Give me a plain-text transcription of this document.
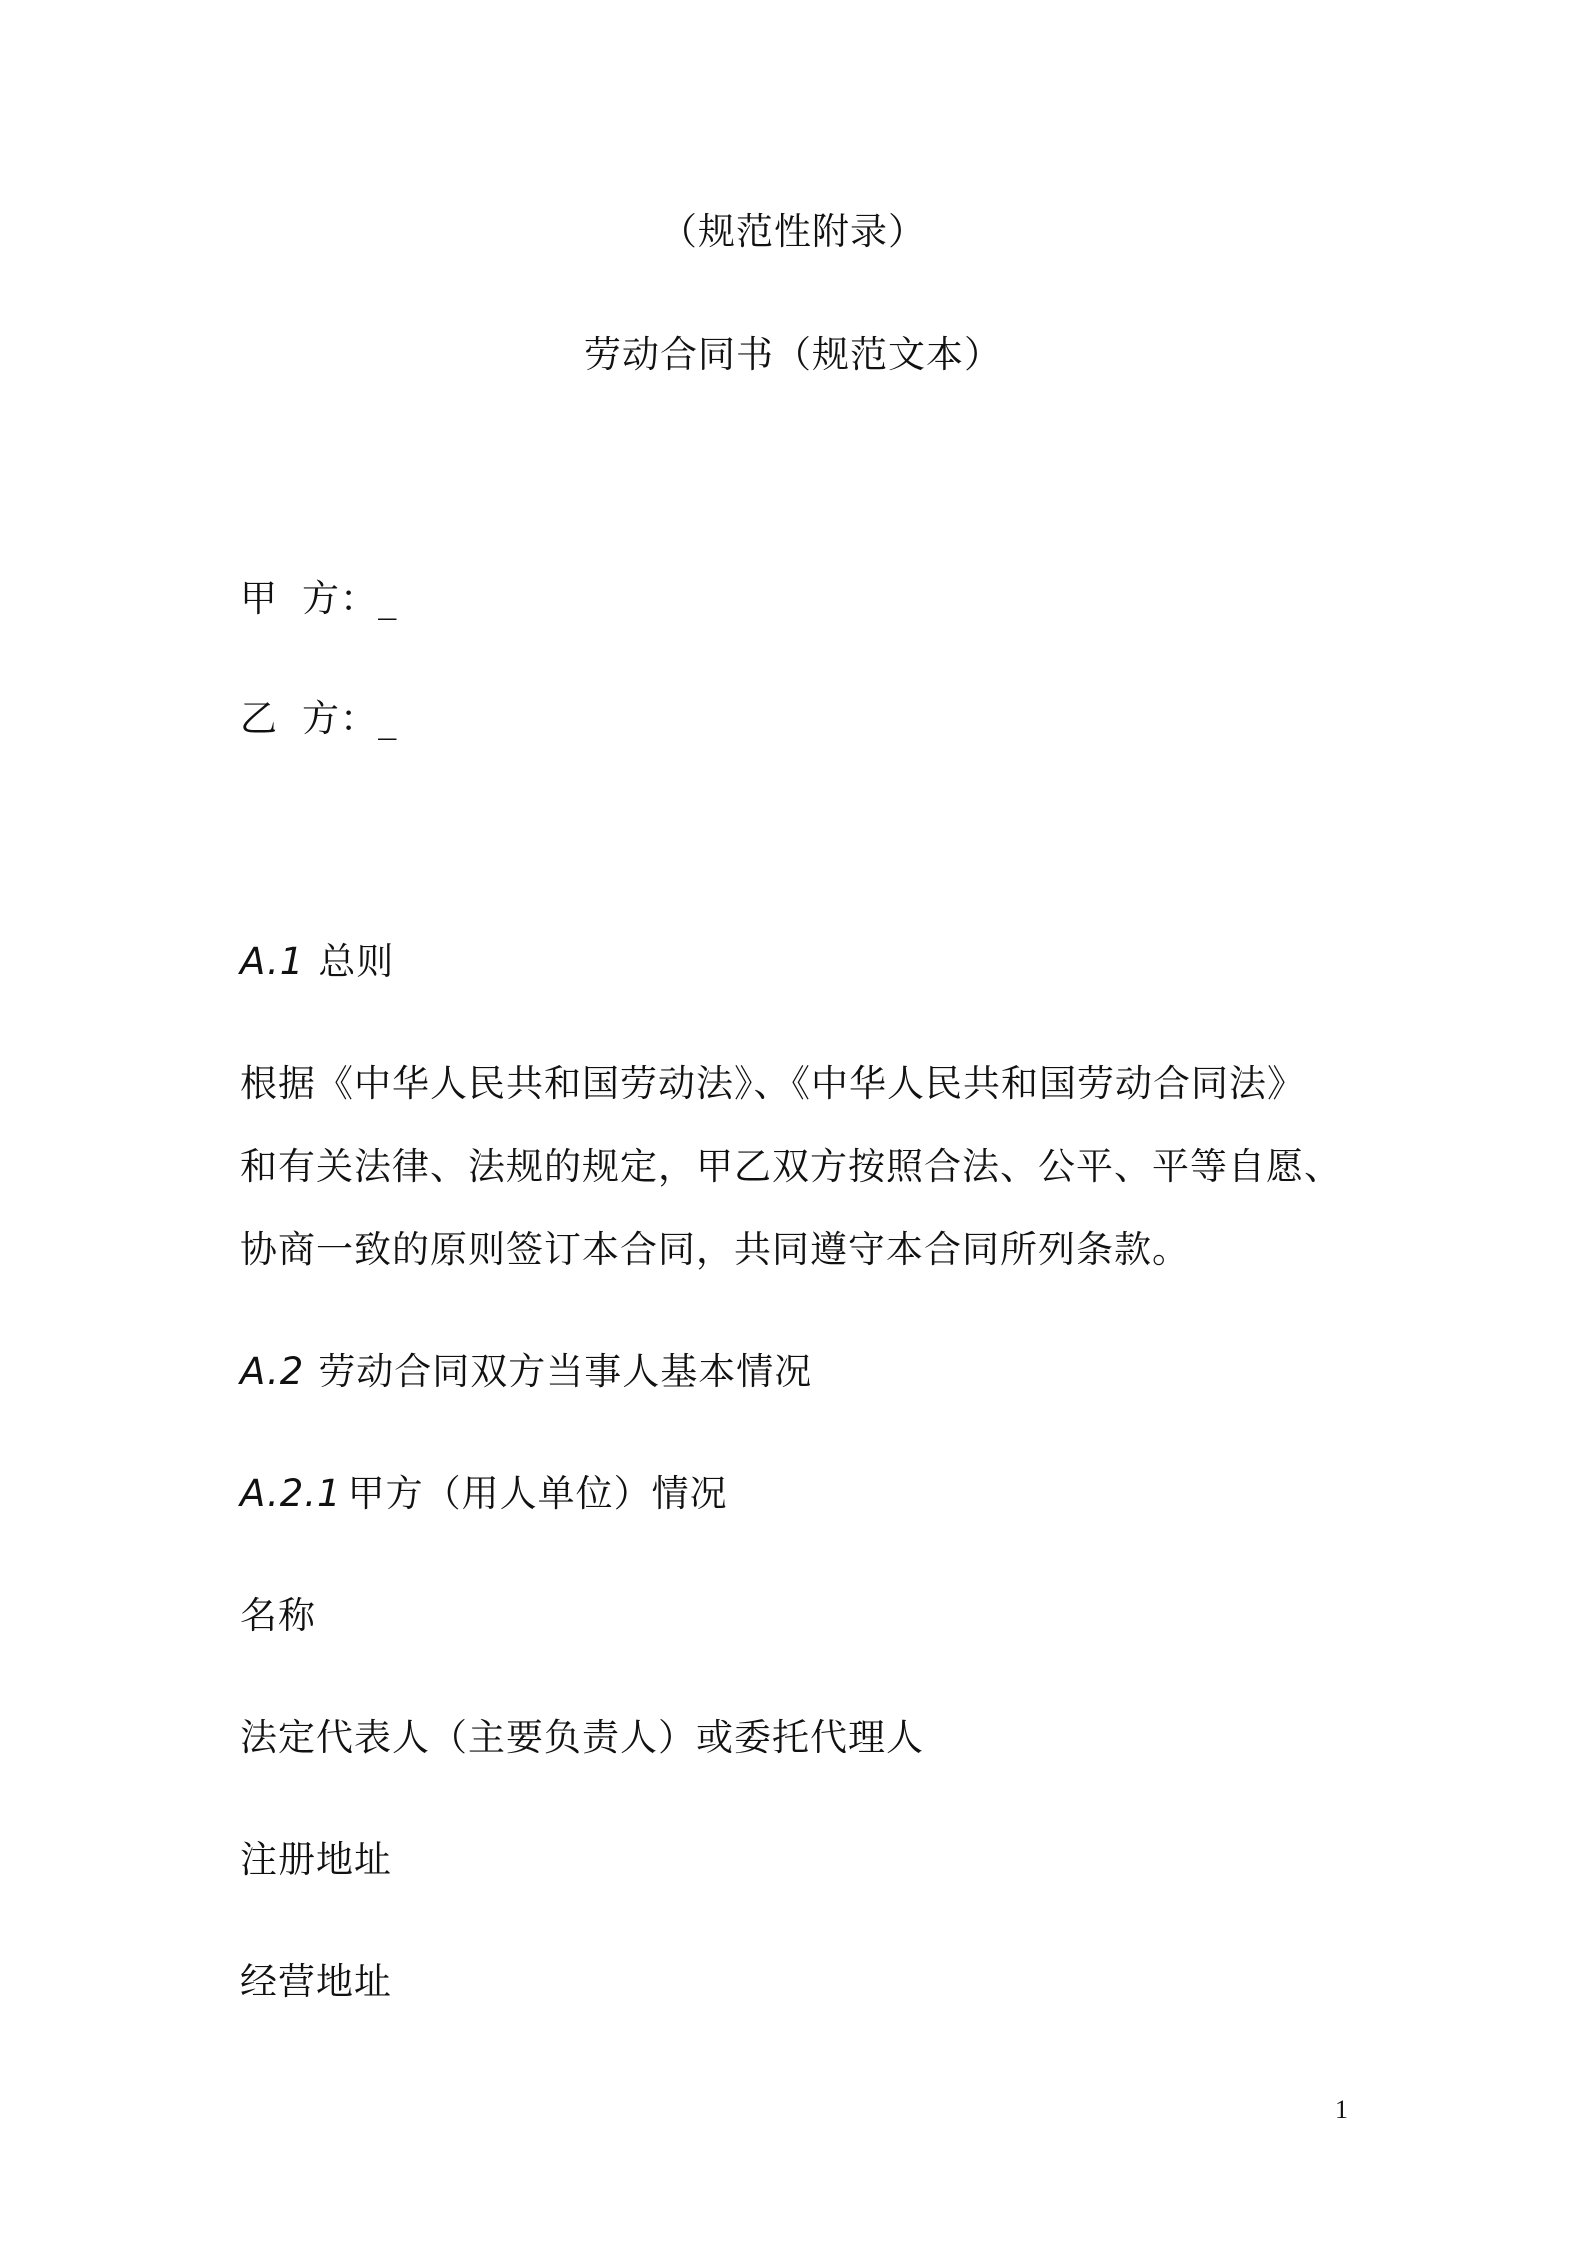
（规范性附录）
劳动合同书（规范文本）
甲 方：_
乙 方：_
A.1 总则
根据《中华人民共和国劳动法》、《中华人民共和国劳动合同法》
和有关法律、法规的规定，甲乙双方按照合法、公平、平等自愿、
协商一致的原则签订本合同，共同遵守本合同所列条款。
A.2 劳动合同双方当事人基本情况
A.2.1 甲方（用人单位）情况
名称
法定代表人（主要负责人）或委托代理人
注册地址
经营地址
1
